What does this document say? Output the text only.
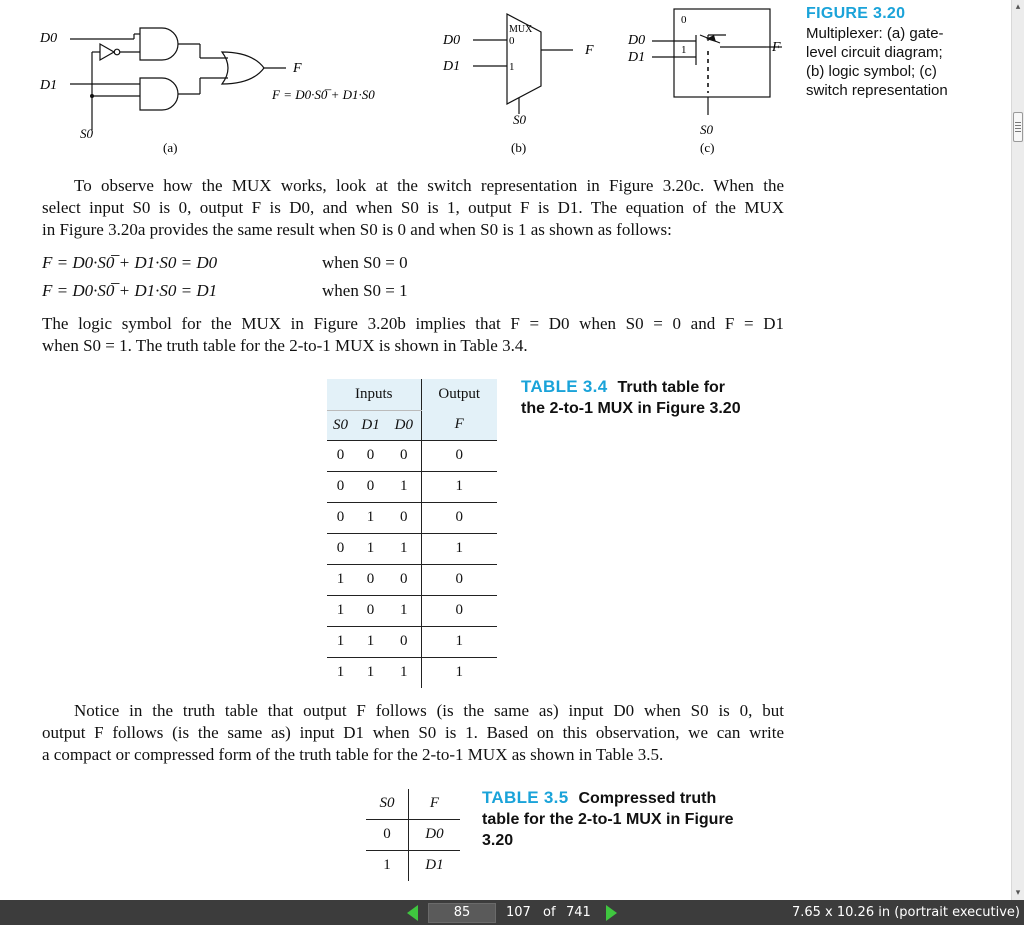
D0
D1
S0
F
F = D0·S0̅ + D1·S0
(a)
MUX
0
1
D0
D1
F
S0
(b)
0
1
D0
D1
F
S0
(c)
FIGURE 3.20
Multiplexer: (a) gate-
level circuit diagram;
(b) logic symbol; (c)
switch representation
To observe how the MUX works, look at the switch representation in Figure 3.20c. When the
select input S0 is 0, output F is D0, and when S0 is 1, output F is D1. The equation of the MUX
in Figure 3.20a provides the same result when S0 is 0 and when S0 is 1 as shown as follows:
F = D0·S0̅ + D1·S0 = D0	when S0 = 0
F = D0·S0̅ + D1·S0 = D1	when S0 = 1
The logic symbol for the MUX in Figure 3.20b implies that F = D0 when S0 = 0 and F = D1
when S0 = 1. The truth table for the 2-to-1 MUX is shown in Table 3.4.
Inputs			Output
S0	D1	D0	F
0	0	0	0
0	0	1	1
0	1	0	0
0	1	1	1
1	0	0	0
1	0	1	0
1	1	0	1
1	1	1	1
TABLE 3.4 Truth table for
the 2-to-1 MUX in Figure 3.20
Notice in the truth table that output F follows (is the same as) input D0 when S0 is 0, but
output F follows (is the same as) input D1 when S0 is 1. Based on this observation, we can write
a compact or compressed form of the truth table for the 2-to-1 MUX as shown in Table 3.5.
S0	F
0	D0
1	D1
TABLE 3.5 Compressed truth
table for the 2-to-1 MUX in Figure
3.20
▴
▾
85	107 of 741	7.65 x 10.26 in (portrait executive)
